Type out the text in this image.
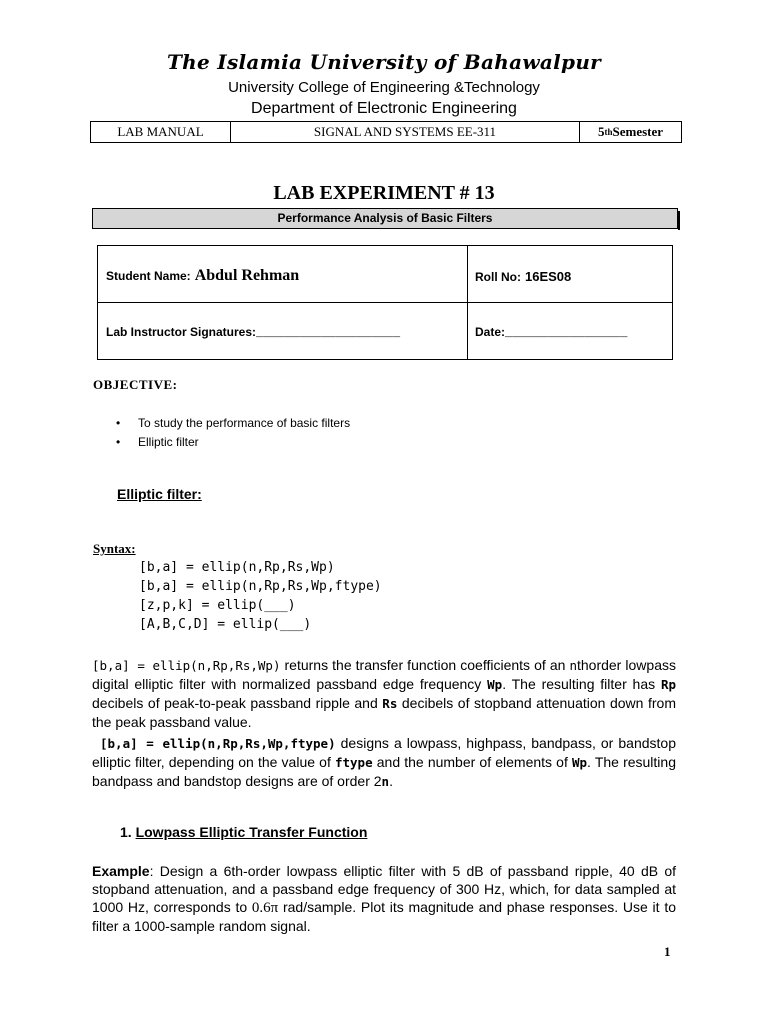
The Islamia University of Bahawalpur
University College of Engineering &Technology
Department of Electronic Engineering
LAB MANUAL	SIGNAL AND SYSTEMS EE-311	5 th Semester
LAB EXPERIMENT # 13
Performance Analysis of Basic Filters
Student Name: Abdul Rehman	Roll No: 16ES08
Lab Instructor Signatures:____________________	Date:_________________
OBJECTIVE:
• To study the performance of basic filters
• Elliptic filter
Elliptic filter:
Syntax:
[b,a] = ellip(n,Rp,Rs,Wp)
[b,a] = ellip(n,Rp,Rs,Wp,ftype)
[z,p,k] = ellip(___)
[A,B,C,D] = ellip(___)
[b,a] = ellip(n,Rp,Rs,Wp) returns the transfer function coefficients of an nthorder lowpass digital elliptic filter with normalized passband edge frequency Wp. The resulting filter has Rp decibels of peak-to-peak passband ripple and Rs decibels of stopband attenuation down from the peak passband value.
[b,a] = ellip(n,Rp,Rs,Wp,ftype) designs a lowpass, highpass, bandpass, or bandstop elliptic filter, depending on the value of ftype and the number of elements of Wp. The resulting bandpass and bandstop designs are of order 2n.
1. Lowpass Elliptic Transfer Function
Example: Design a 6th-order lowpass elliptic filter with 5 dB of passband ripple, 40 dB of stopband attenuation, and a passband edge frequency of 300 Hz, which, for data sampled at 1000 Hz, corresponds to 0.6π rad/sample. Plot its magnitude and phase responses. Use it to filter a 1000-sample random signal.
1
